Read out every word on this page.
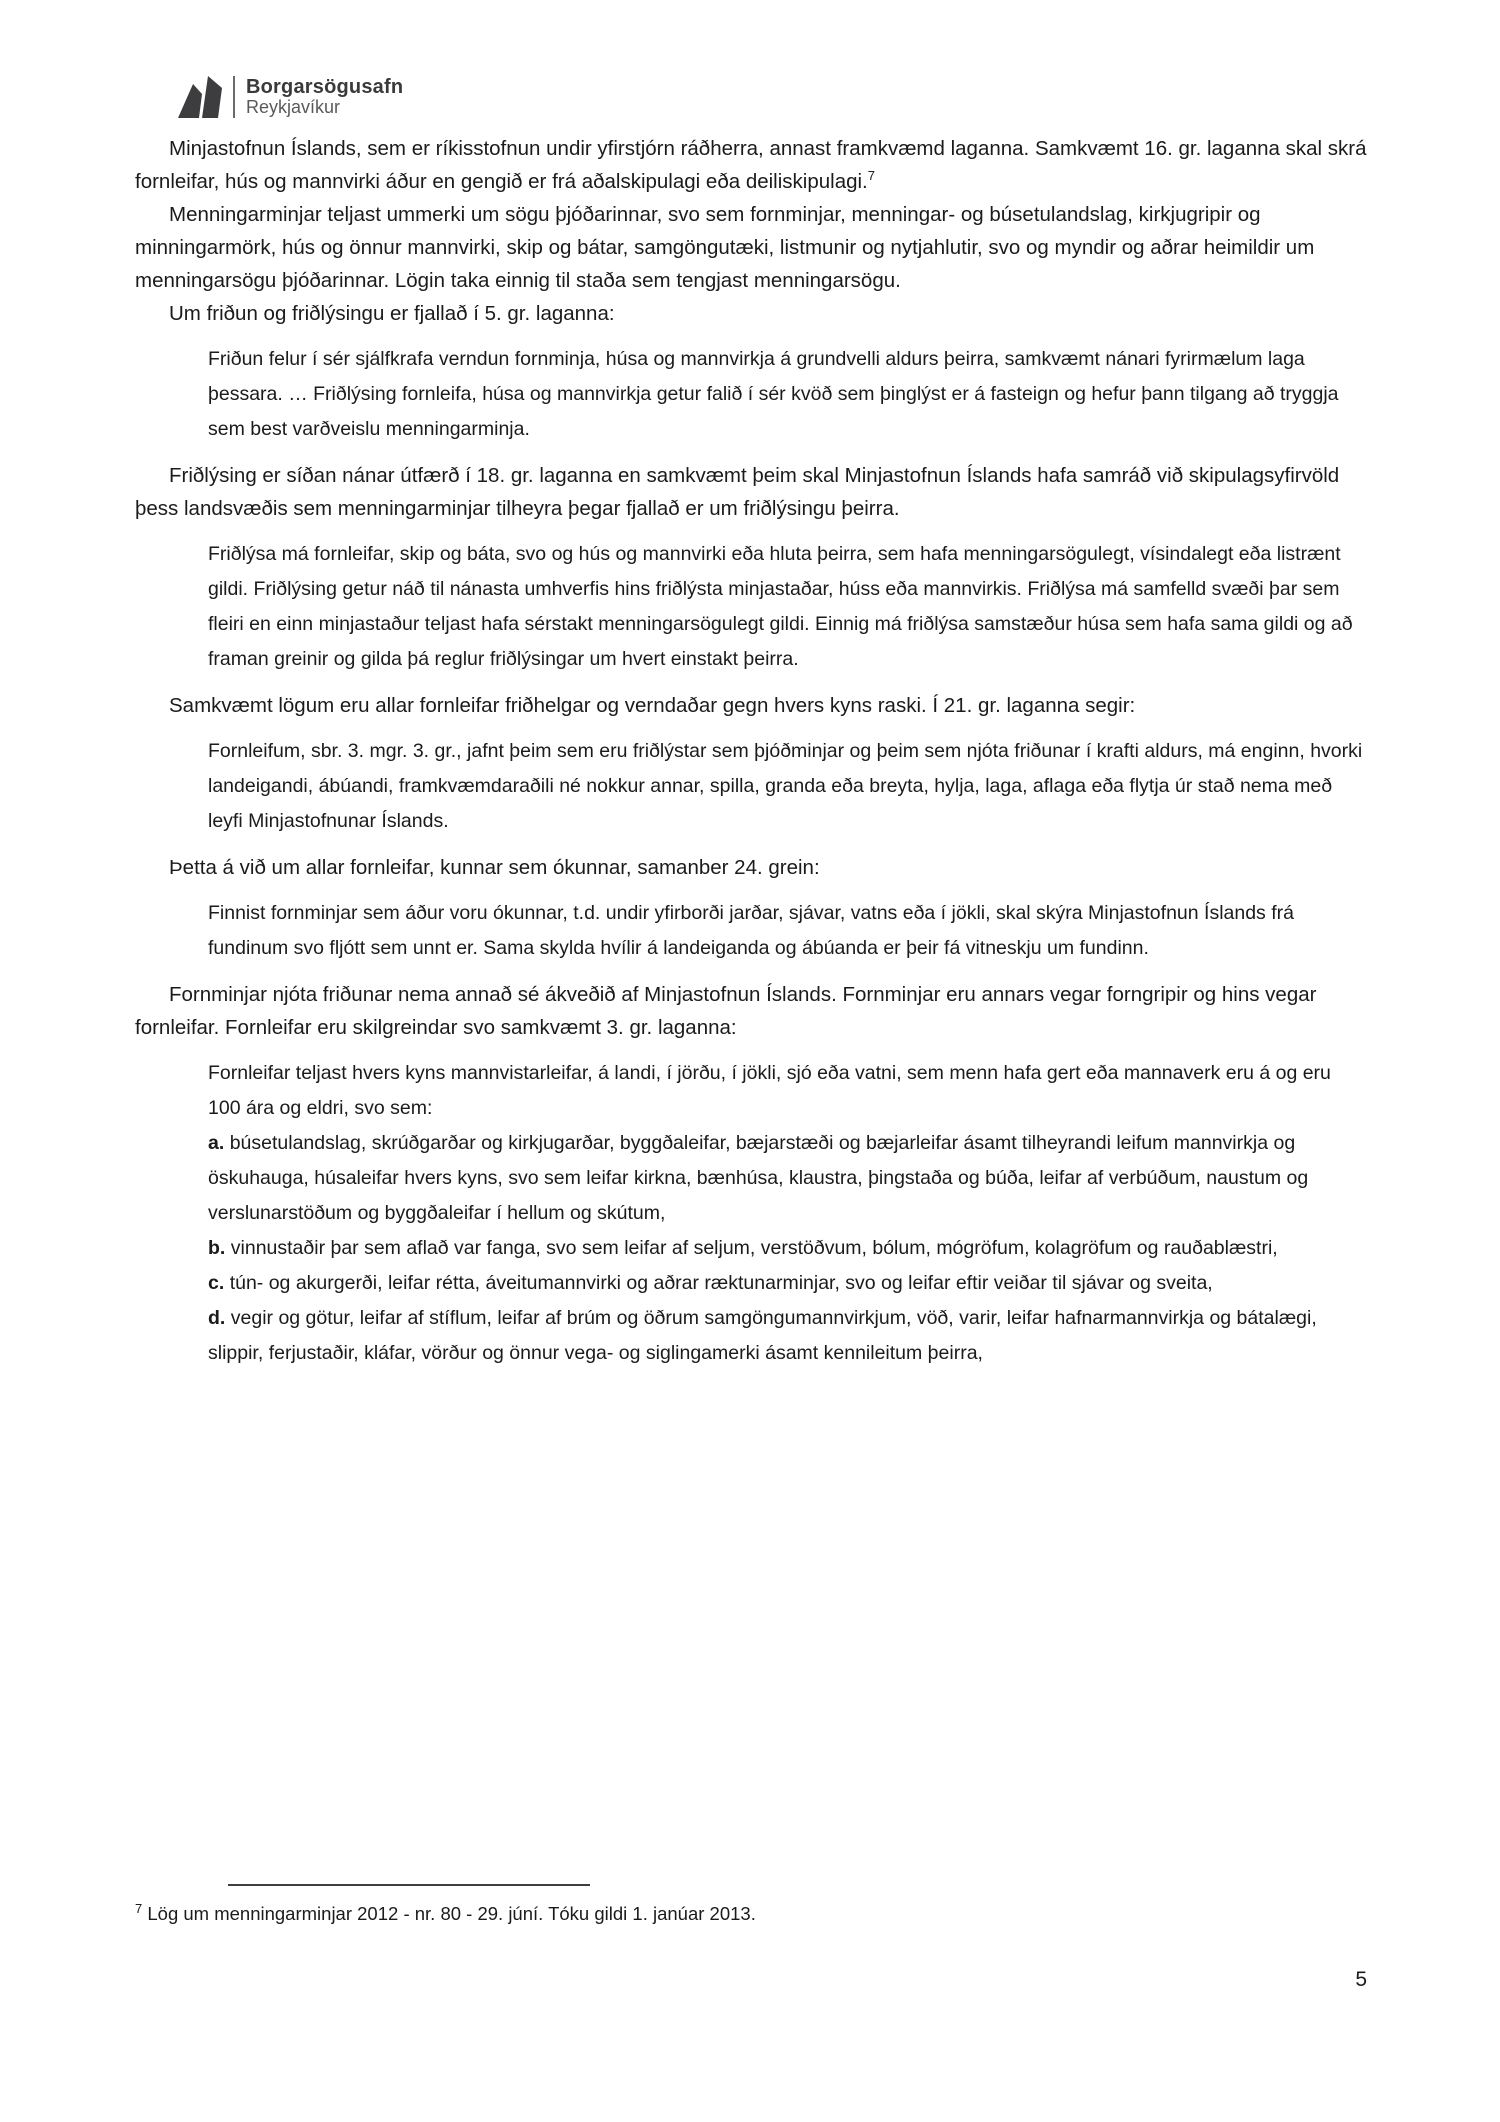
Borgarsögusafn
Reykjavíkur

Minjastofnun Íslands, sem er ríkisstofnun undir yfirstjórn ráðherra, annast framkvæmd laganna. Samkvæmt 16. gr. laganna skal skrá fornleifar, hús og mannvirki áður en gengið er frá aðalskipulagi eða deiliskipulagi.$^7$

Menningarminjar teljast ummerki um sögu þjóðarinnar, svo sem fornminjar, menningar- og búsetulandslag, kirkjugripir og minningarmörk, hús og önnur mannvirki, skip og bátar, samgöngutæki, listmunir og nytjahlutir, svo og myndir og aðrar heimildir um menningarsögu þjóðarinnar. Lögin taka einnig til staða sem tengjast menningarsögu.

Um friðun og friðlýsingu er fjallað í 5. gr. laganna:

Friðun felur í sér sjálfkrafa verndun fornminja, húsa og mannvirkja á grundvelli aldurs þeirra, samkvæmt nánari fyrirmælum laga þessara. … Friðlýsing fornleifa, húsa og mannvirkja getur falið í sér kvöð sem þinglýst er á fasteign og hefur þann tilgang að tryggja sem best varðveislu menningarminja.

Friðlýsing er síðan nánar útfærð í 18. gr. laganna en samkvæmt þeim skal Minjastofnun Íslands hafa samráð við skipulagsyfirvöld þess landsvæðis sem menningarminjar tilheyra þegar fjallað er um friðlýsingu þeirra.

Friðlýsa má fornleifar, skip og báta, svo og hús og mannvirki eða hluta þeirra, sem hafa menningarsögulegt, vísindalegt eða listrænt gildi. Friðlýsing getur náð til nánasta umhverfis hins friðlýsta minjastaðar, húss eða mannvirkis. Friðlýsa má samfelld svæði þar sem fleiri en einn minjastaður teljast hafa sérstakt menningarsögulegt gildi. Einnig má friðlýsa samstæður húsa sem hafa sama gildi og að framan greinir og gilda þá reglur friðlýsingar um hvert einstakt þeirra.

Samkvæmt lögum eru allar fornleifar friðhelgar og verndaðar gegn hvers kyns raski. Í 21. gr. laganna segir:

Fornleifum, sbr. 3. mgr. 3. gr., jafnt þeim sem eru friðlýstar sem þjóðminjar og þeim sem njóta friðunar í krafti aldurs, má enginn, hvorki landeigandi, ábúandi, framkvæmdaraðili né nokkur annar, spilla, granda eða breyta, hylja, laga, aflaga eða flytja úr stað nema með leyfi Minjastofnunar Íslands.

Þetta á við um allar fornleifar, kunnar sem ókunnar, samanber 24. grein:

Finnist fornminjar sem áður voru ókunnar, t.d. undir yfirborði jarðar, sjávar, vatns eða í jökli, skal skýra Minjastofnun Íslands frá fundinum svo fljótt sem unnt er. Sama skylda hvílir á landeiganda og ábúanda er þeir fá vitneskju um fundinn.

Fornminjar njóta friðunar nema annað sé ákveðið af Minjastofnun Íslands. Fornminjar eru annars vegar forngripir og hins vegar fornleifar. Fornleifar eru skilgreindar svo samkvæmt 3. gr. laganna:

Fornleifar teljast hvers kyns mannvistarleifar, á landi, í jörðu, í jökli, sjó eða vatni, sem menn hafa gert eða mannaverk eru á og eru 100 ára og eldri, svo sem:

a. búsetulandslag, skrúðgarðar og kirkjugarðar, byggðaleifar, bæjarstæði og bæjarleifar ásamt tilheyrandi leifum mannvirkja og öskuhauga, húsaleifar hvers kyns, svo sem leifar kirkna, bænhúsa, klaustra, þingstaða og búða, leifar af verbúðum, naustum og verslunarstöðum og byggðaleifar í hellum og skútum,

b. vinnustaðir þar sem aflað var fanga, svo sem leifar af seljum, verstöðvum, bólum, mógröfum, kolagröfum og rauðablæstri,

c. tún- og akurgerði, leifar rétta, áveitumannvirki og aðrar ræktunarminjar, svo og leifar eftir veiðar til sjávar og sveita,

d. vegir og götur, leifar af stíflum, leifar af brúm og öðrum samgöngumannvirkjum, vöð, varir, leifar hafnarmannvirkja og bátalægi, slippir, ferjustaðir, kláfar, vörður og önnur vega- og siglingamerki ásamt kennileitum þeirra,

$^7$ Lög um menningarminjar 2012 - nr. 80 - 29. júní. Tóku gildi 1. janúar 2013.

5
